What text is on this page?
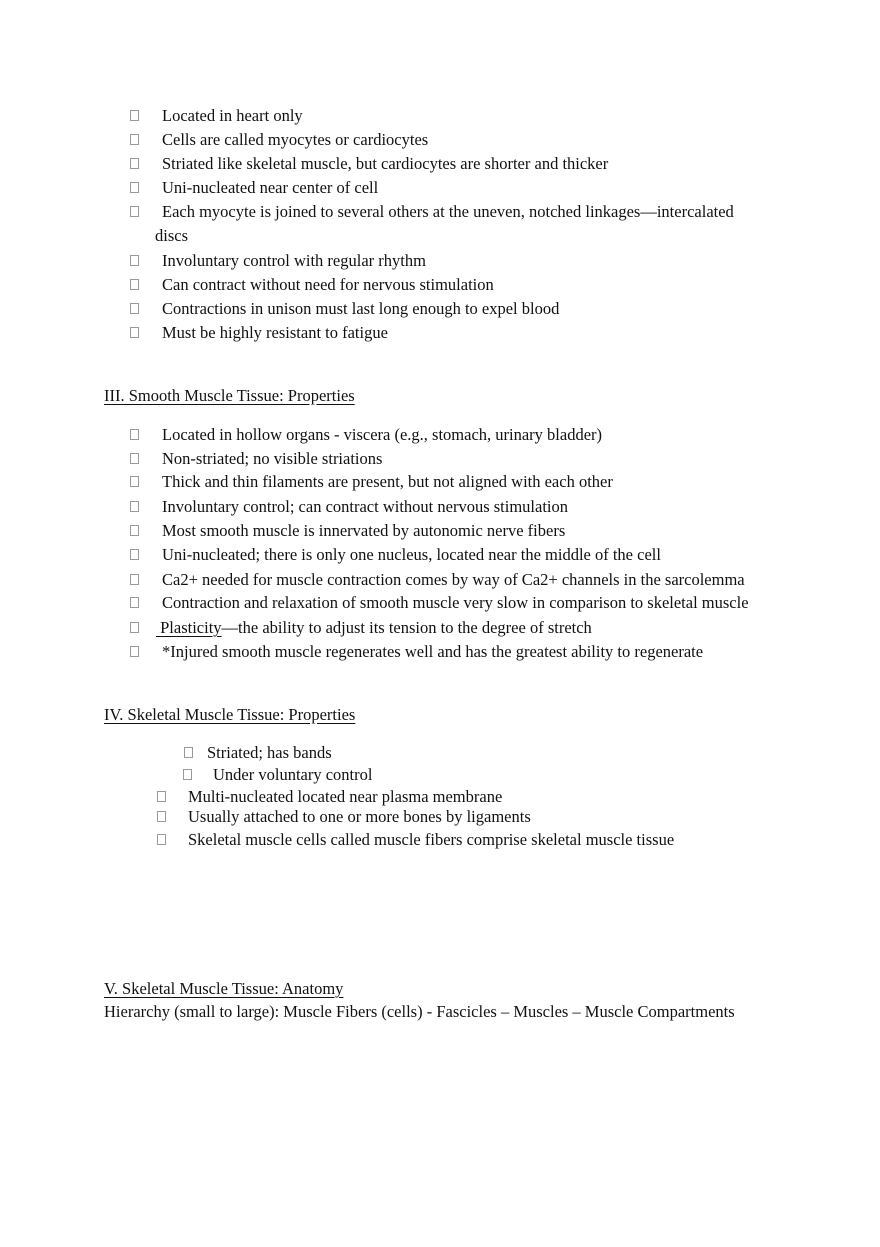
Located in heart only
Cells are called myocytes or cardiocytes
Striated like skeletal muscle, but cardiocytes are shorter and thicker
Uni-nucleated near center of cell
Each myocyte is joined to several others at the uneven, notched linkages—intercalated
discs
Involuntary control with regular rhythm
Can contract without need for nervous stimulation
Contractions in unison must last long enough to expel blood
Must be highly resistant to fatigue
III. Smooth Muscle Tissue: Properties
Located in hollow organs - viscera (e.g., stomach, urinary bladder)
Non-striated; no visible striations
Thick and thin filaments are present, but not aligned with each other
Involuntary control; can contract without nervous stimulation
Most smooth muscle is innervated by autonomic nerve fibers
Uni-nucleated; there is only one nucleus, located near the middle of the cell
Ca2+ needed for muscle contraction comes by way of Ca2+ channels in the sarcolemma
Contraction and relaxation of smooth muscle very slow in comparison to skeletal muscle
Plasticity—the ability to adjust its tension to the degree of stretch
*Injured smooth muscle regenerates well and has the greatest ability to regenerate
IV. Skeletal Muscle Tissue: Properties
Striated; has bands
Under voluntary control
Multi-nucleated located near plasma membrane
Usually attached to one or more bones by ligaments
Skeletal muscle cells called muscle fibers comprise skeletal muscle tissue
V. Skeletal Muscle Tissue: Anatomy
Hierarchy (small to large): Muscle Fibers (cells) - Fascicles – Muscles – Muscle Compartments
